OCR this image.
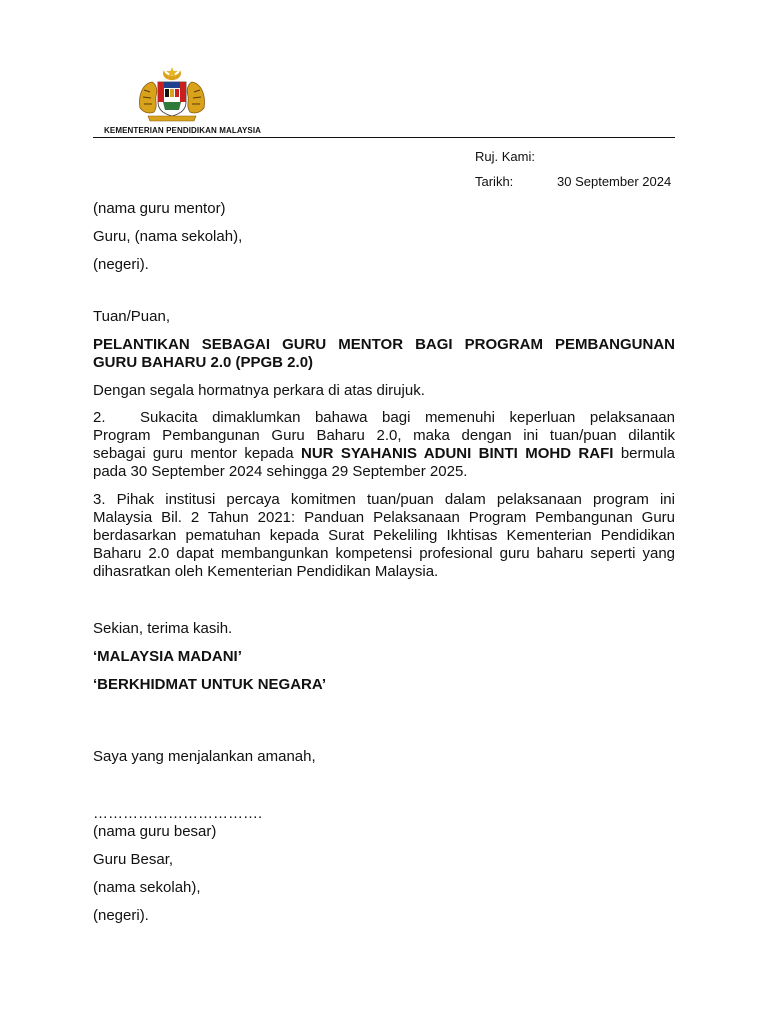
KEMENTERIAN PENDIDIKAN MALAYSIA
Ruj. Kami:
Tarikh:	30 September 2024
(nama guru mentor)
Guru, (nama sekolah),
(negeri).
Tuan/Puan,
PELANTIKAN SEBAGAI GURU MENTOR BAGI PROGRAM PEMBANGUNAN
GURU BAHARU 2.0 (PPGB 2.0)
Dengan segala hormatnya perkara di atas dirujuk.
2. Sukacita dimaklumkan bahawa bagi memenuhi keperluan pelaksanaan
Program Pembangunan Guru Baharu 2.0, maka dengan ini tuan/puan dilantik
sebagai guru mentor kepada NUR SYAHANIS ADUNI BINTI MOHD RAFI bermula
pada 30 September 2024 sehingga 29 September 2025.
3. Pihak institusi percaya komitmen tuan/puan dalam pelaksanaan program ini
Malaysia Bil. 2 Tahun 2021: Panduan Pelaksanaan Program Pembangunan Guru
berdasarkan pematuhan kepada Surat Pekeliling Ikhtisas Kementerian Pendidikan
Baharu 2.0 dapat membangunkan kompetensi profesional guru baharu seperti yang
dihasratkan oleh Kementerian Pendidikan Malaysia.
Sekian, terima kasih.
‘MALAYSIA MADANI’
‘BERKHIDMAT UNTUK NEGARA’
Saya yang menjalankan amanah,
…………………………….
(nama guru besar)
Guru Besar,
(nama sekolah),
(negeri).
